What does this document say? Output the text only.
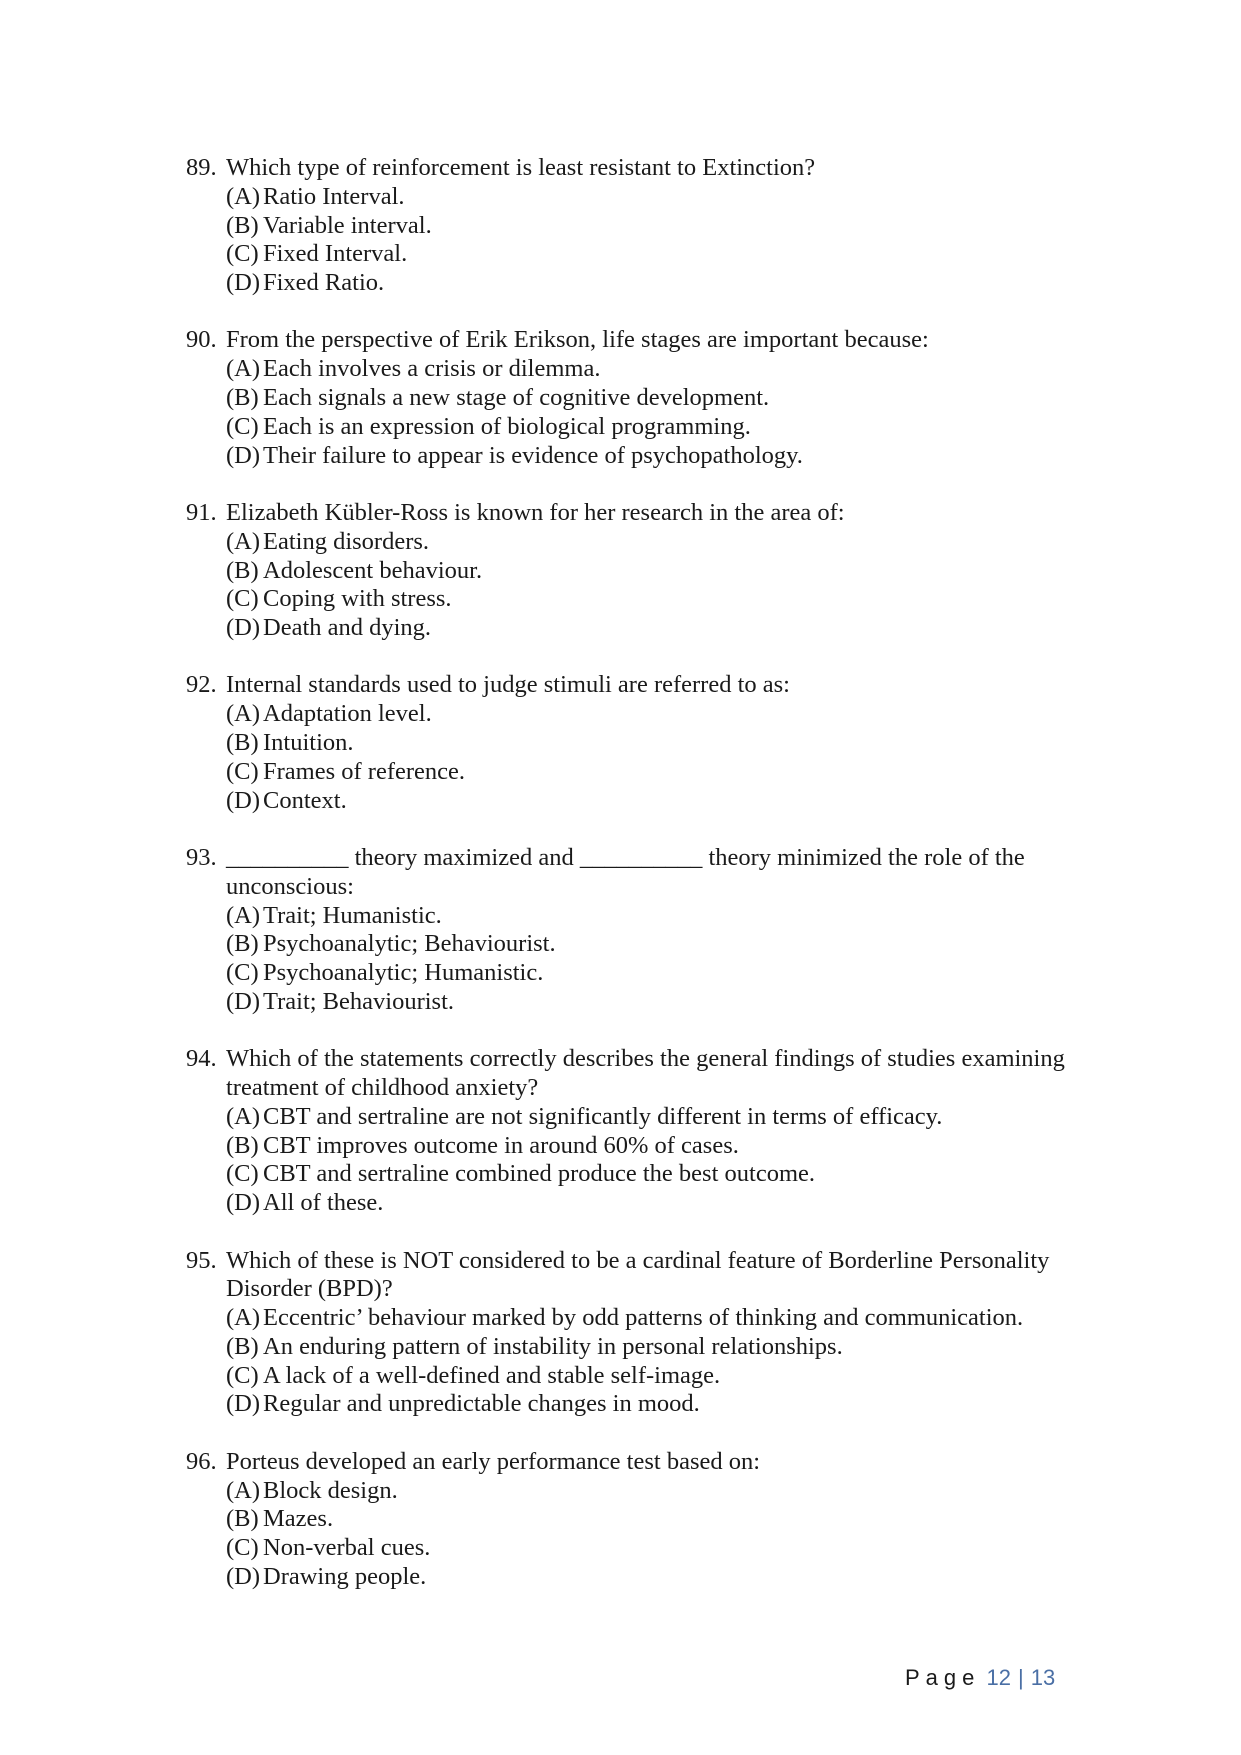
89. Which type of reinforcement is least resistant to Extinction?
(A) Ratio Interval.
(B) Variable interval.
(C) Fixed Interval.
(D) Fixed Ratio.
90. From the perspective of Erik Erikson, life stages are important because:
(A) Each involves a crisis or dilemma.
(B) Each signals a new stage of cognitive development.
(C) Each is an expression of biological programming.
(D) Their failure to appear is evidence of psychopathology.
91. Elizabeth Kübler-Ross is known for her research in the area of:
(A) Eating disorders.
(B) Adolescent behaviour.
(C) Coping with stress.
(D) Death and dying.
92. Internal standards used to judge stimuli are referred to as:
(A) Adaptation level.
(B) Intuition.
(C) Frames of reference.
(D) Context.
93. __________ theory maximized and __________ theory minimized the role of the unconscious:
(A) Trait; Humanistic.
(B) Psychoanalytic; Behaviourist.
(C) Psychoanalytic; Humanistic.
(D) Trait; Behaviourist.
94. Which of the statements correctly describes the general findings of studies examining treatment of childhood anxiety?
(A) CBT and sertraline are not significantly different in terms of efficacy.
(B) CBT improves outcome in around 60% of cases.
(C) CBT and sertraline combined produce the best outcome.
(D) All of these.
95. Which of these is NOT considered to be a cardinal feature of Borderline Personality Disorder (BPD)?
(A) Eccentric’ behaviour marked by odd patterns of thinking and communication.
(B) An enduring pattern of instability in personal relationships.
(C) A lack of a well-defined and stable self-image.
(D) Regular and unpredictable changes in mood.
96. Porteus developed an early performance test based on:
(A) Block design.
(B) Mazes.
(C) Non-verbal cues.
(D) Drawing people.
Page 12 | 13
